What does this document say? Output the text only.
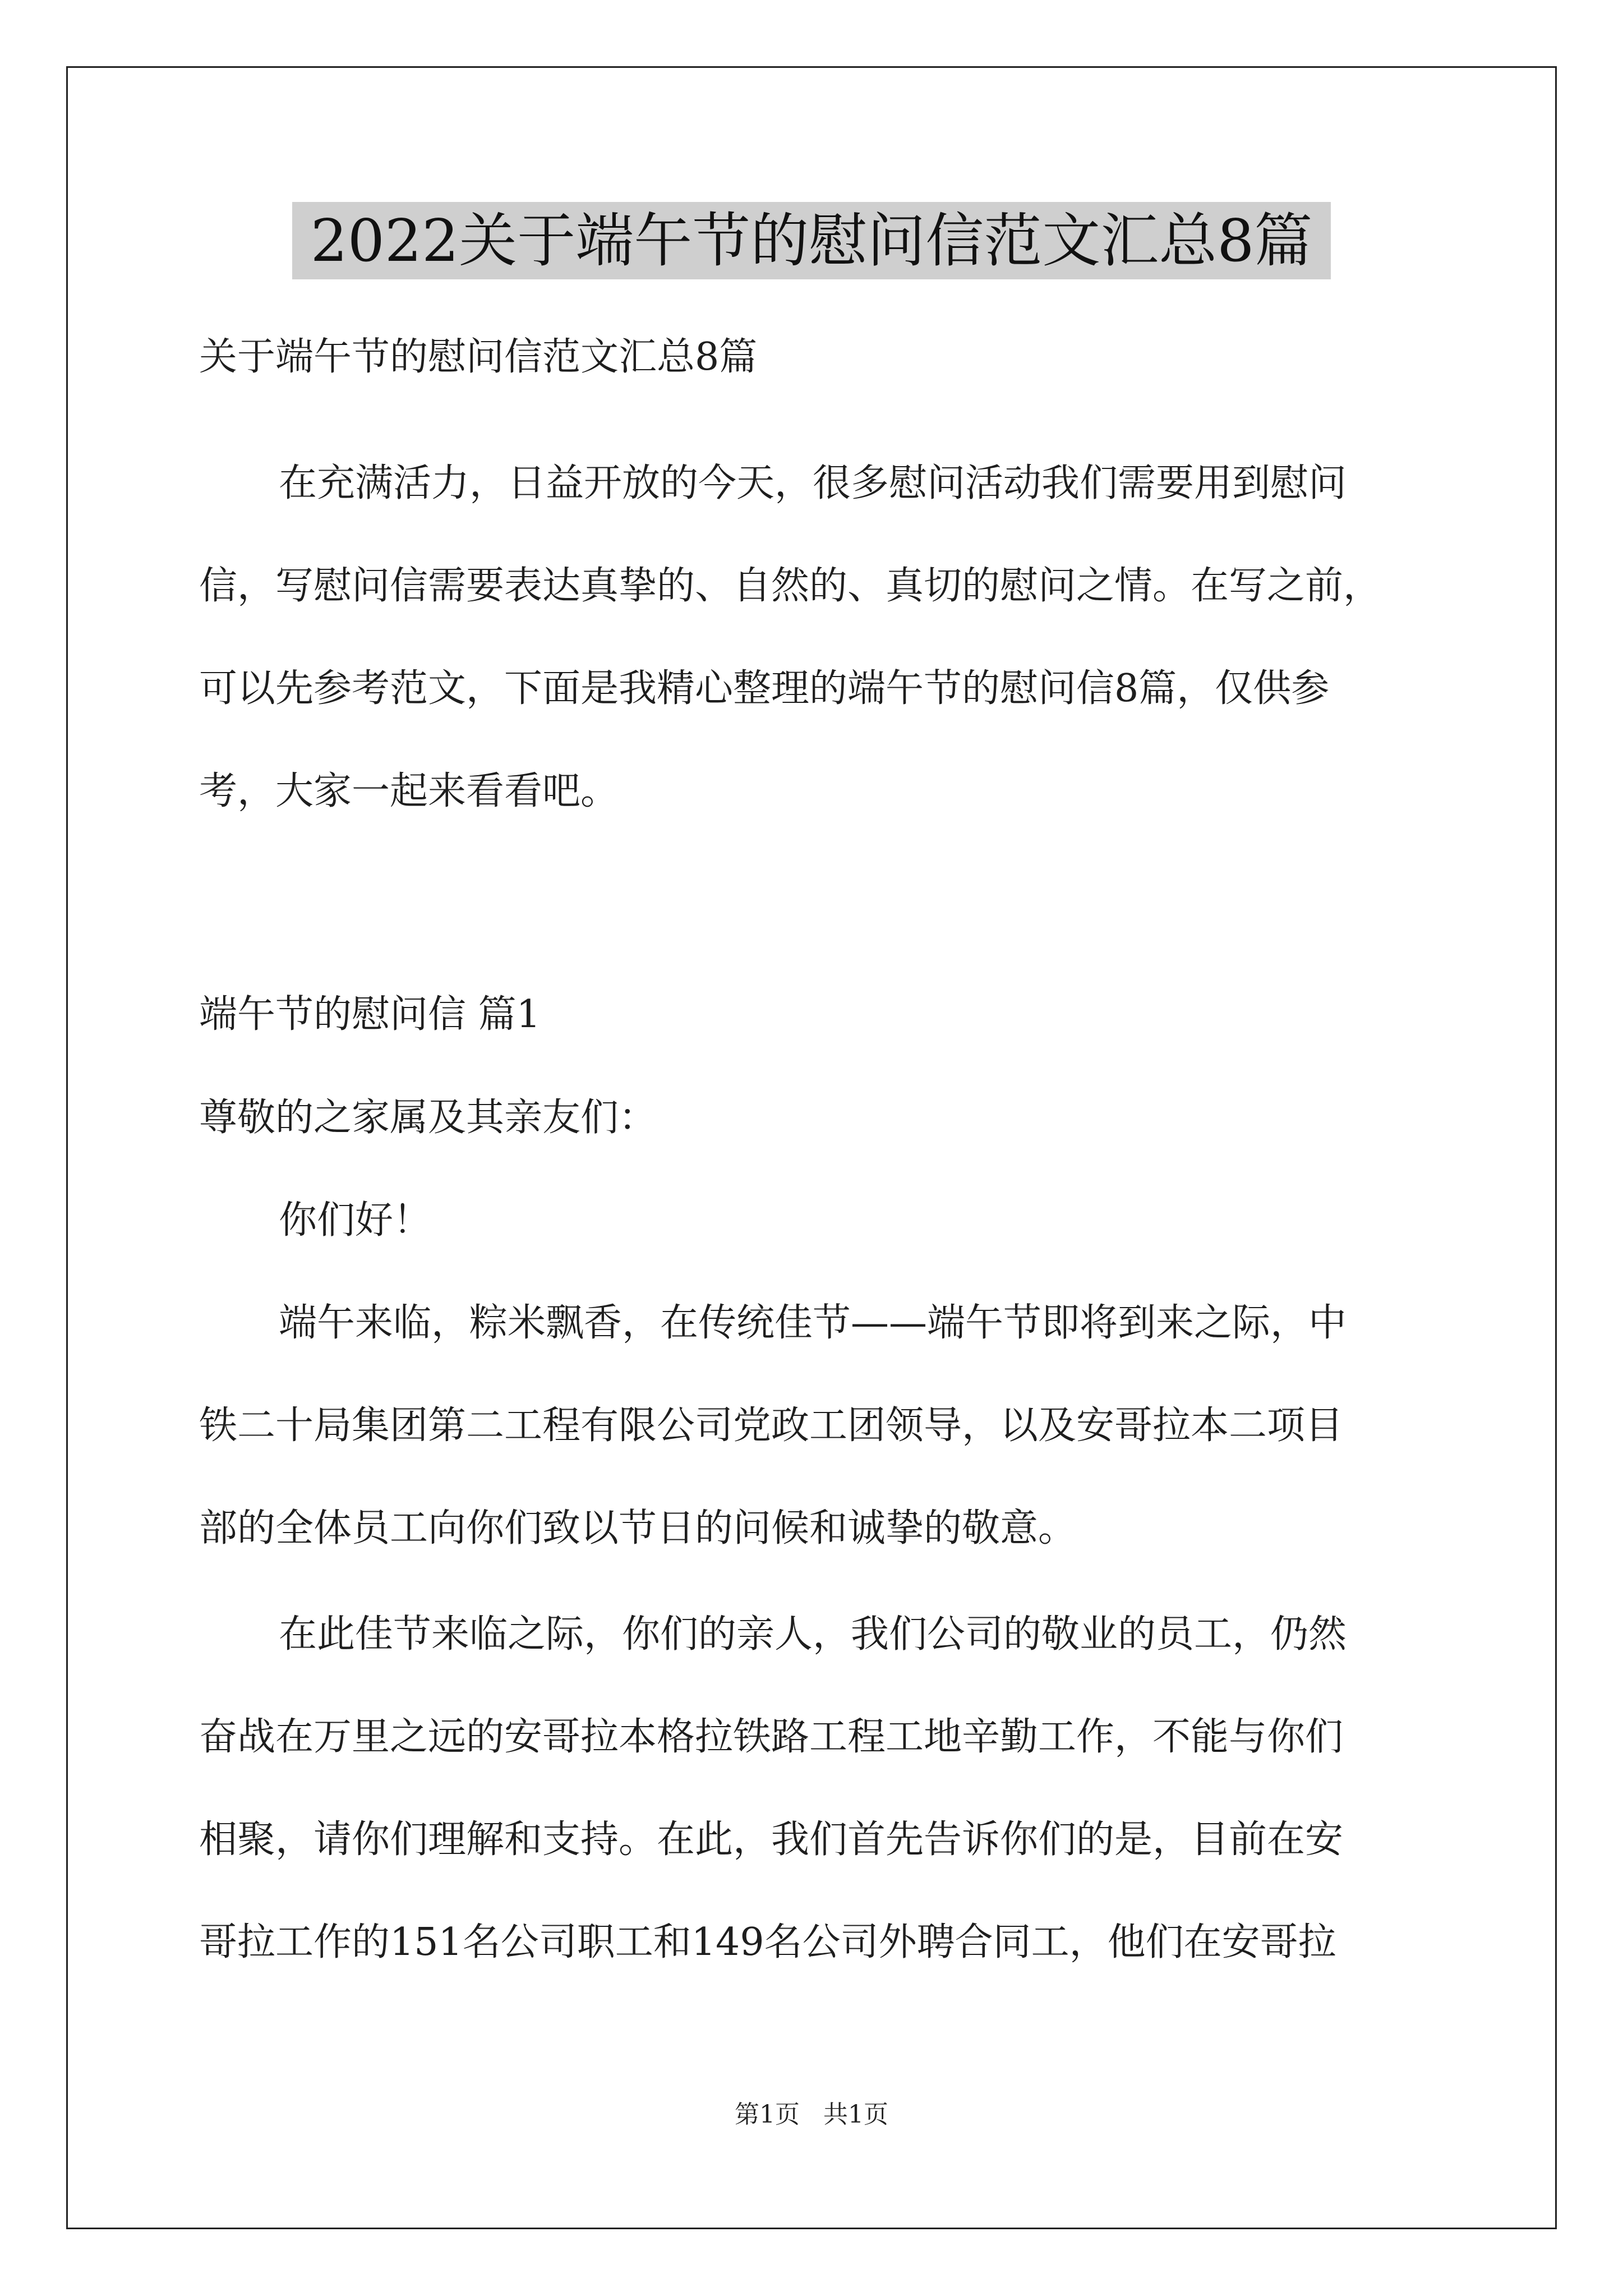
2022关于端午节的慰问信范文汇总8篇
关于端午节的慰问信范文汇总8篇
在充满活力，日益开放的今天，很多慰问活动我们需要用到慰问
信，写慰问信需要表达真挚的、自然的、真切的慰问之情。在写之前，
可以先参考范文，下面是我精心整理的端午节的慰问信8篇，仅供参
考，大家一起来看看吧。
端午节的慰问信 篇1
尊敬的之家属及其亲友们：
你们好！
端午来临，粽米飘香，在传统佳节——端午节即将到来之际，中
铁二十局集团第二工程有限公司党政工团领导，以及安哥拉本二项目
部的全体员工向你们致以节日的问候和诚挚的敬意。
在此佳节来临之际，你们的亲人，我们公司的敬业的员工，仍然
奋战在万里之远的安哥拉本格拉铁路工程工地辛勤工作，不能与你们
相聚，请你们理解和支持。在此，我们首先告诉你们的是，目前在安
哥拉工作的151名公司职工和149名公司外聘合同工，他们在安哥拉
第1页   共1页
